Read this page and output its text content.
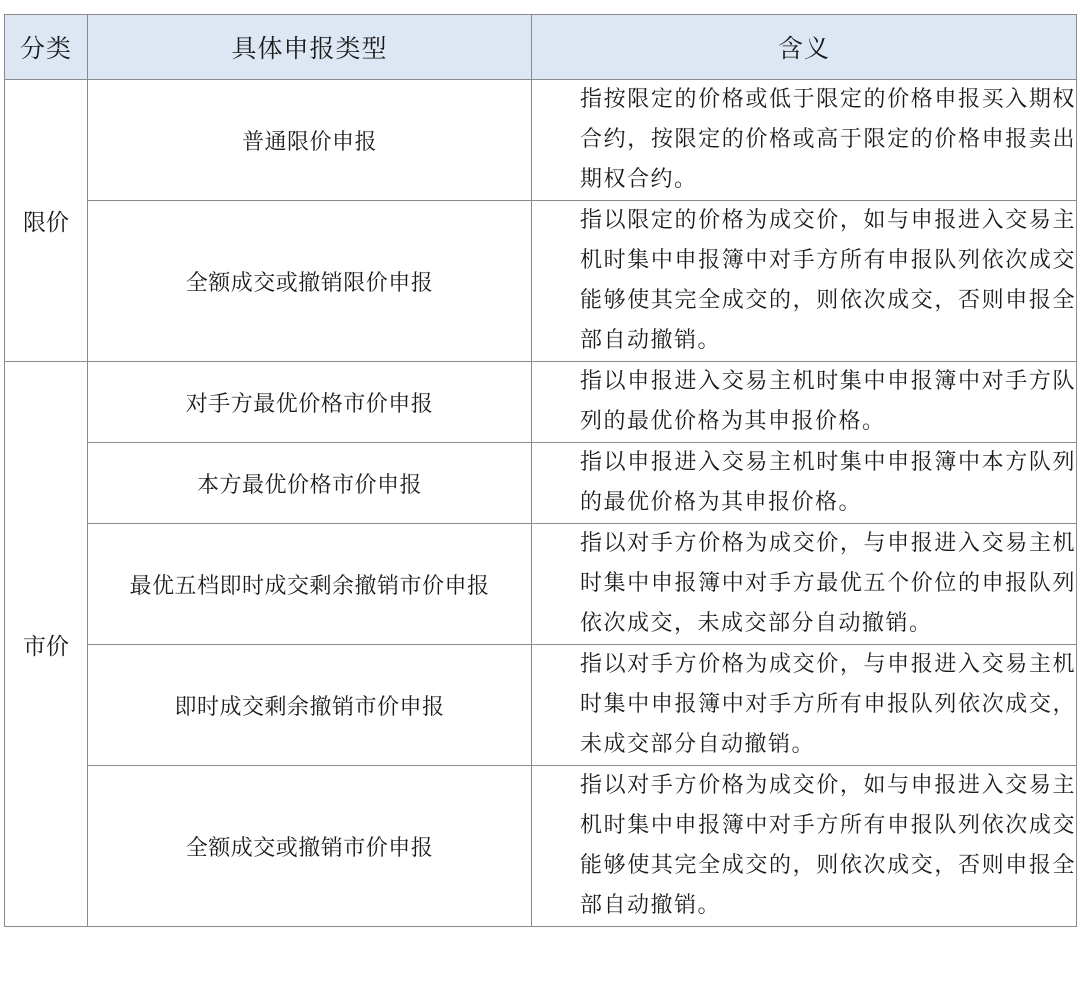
分类	具体申报类型	含义
限价	普通限价申报	指按限定的价格或低于限定的价格申报买入期权合约，按限定的价格或高于限定的价格申报卖出期权合约。

	全额成交或撤销限价申报	指以限定的价格为成交价，如与申报进入交易主机时集中申报簿中对手方所有申报队列依次成交能够使其完全成交的，则依次成交，否则申报全部自动撤销。

市价	对手方最优价格市价申报	指以申报进入交易主机时集中申报簿中对手方队列的最优价格为其申报价格。

	本方最优价格市价申报	指以申报进入交易主机时集中申报簿中本方队列的最优价格为其申报价格。

	最优五档即时成交剩余撤销市价申报	指以对手方价格为成交价，与申报进入交易主机时集中申报簿中对手方最优五个价位的申报队列依次成交，未成交部分自动撤销。

	即时成交剩余撤销市价申报	指以对手方价格为成交价，与申报进入交易主机时集中申报簿中对手方所有申报队列依次成交，未成交部分自动撤销。

	全额成交或撤销市价申报	指以对手方价格为成交价，如与申报进入交易主机时集中申报簿中对手方所有申报队列依次成交能够使其完全成交的，则依次成交，否则申报全部自动撤销。
